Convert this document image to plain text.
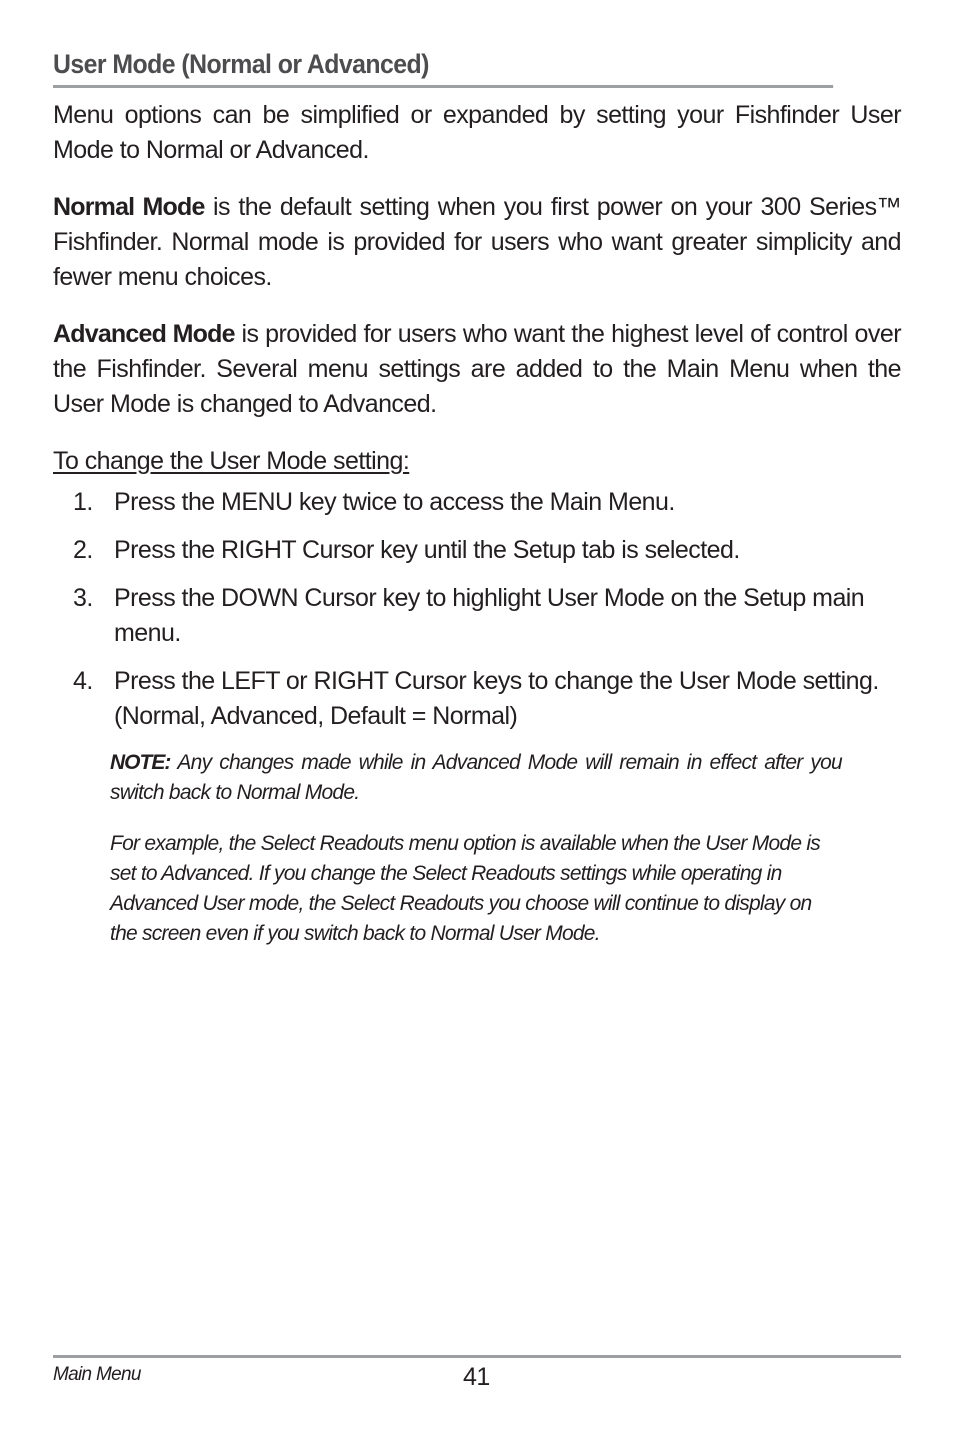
User Mode (Normal or Advanced)

Menu options can be simplified or expanded by setting your Fishfinder User Mode to Normal or Advanced.

Normal Mode is the default setting when you first power on your 300 Series™ Fishfinder. Normal mode is provided for users who want greater simplicity and fewer menu choices.

Advanced Mode is provided for users who want the highest level of control over the Fishfinder. Several menu settings are added to the Main Menu when the User Mode is changed to Advanced.

To change the User Mode setting:
1. Press the MENU key twice to access the Main Menu.
2. Press the RIGHT Cursor key until the Setup tab is selected.
3. Press the DOWN Cursor key to highlight User Mode on the Setup main menu.
4. Press the LEFT or RIGHT Cursor keys to change the User Mode setting. (Normal, Advanced, Default = Normal)

NOTE: Any changes made while in Advanced Mode will remain in effect after you switch back to Normal Mode.

For example, the Select Readouts menu option is available when the User Mode is set to Advanced. If you change the Select Readouts settings while operating in Advanced User mode, the Select Readouts you choose will continue to display on the screen even if you switch back to Normal User Mode.

Main Menu	41
